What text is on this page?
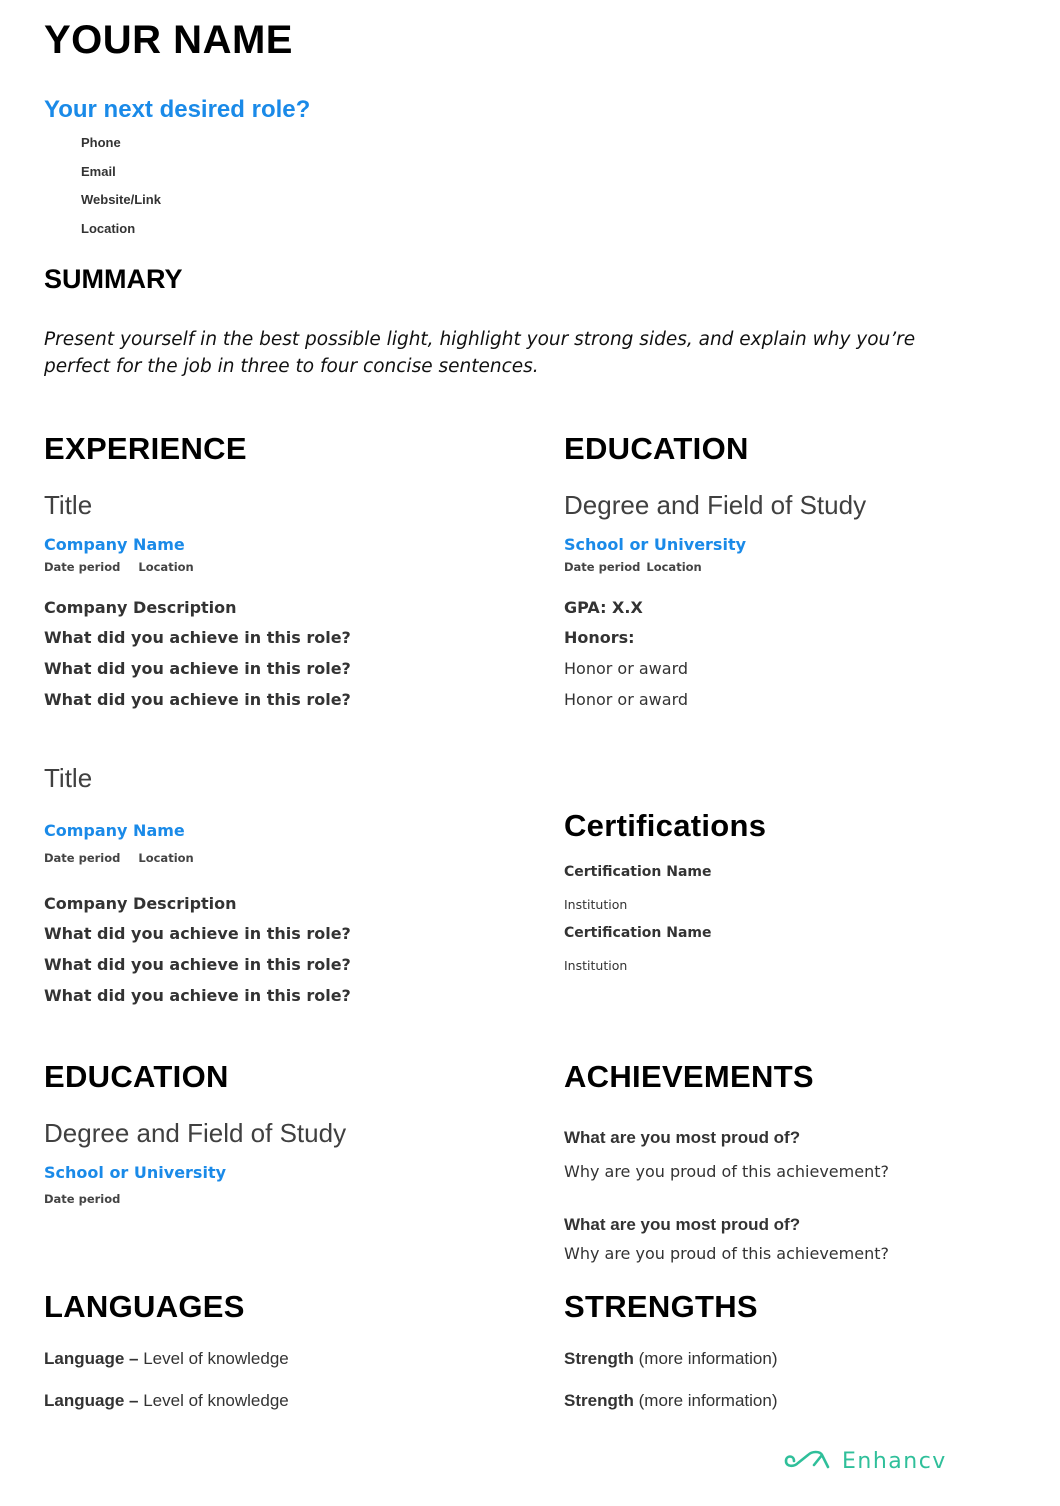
YOUR NAME
Your next desired role?
Phone
Email
Website/Link
Location
SUMMARY
Present yourself in the best possible light, highlight your strong sides, and explain why you’re perfect for the job in three to four concise sentences.
EXPERIENCE
Title
Company Name
Date period Location
Company Description
What did you achieve in this role?
What did you achieve in this role?
What did you achieve in this role?
Title
Company Name
Date period Location
Company Description
What did you achieve in this role?
What did you achieve in this role?
What did you achieve in this role?
EDUCATION
Degree and Field of Study
School or University
Date period Location
GPA: X.X
Honors:
Honor or award
Honor or award
Certifications
Certification Name
Institution
Certification Name
Institution
EDUCATION
Degree and Field of Study
School or University
Date period
ACHIEVEMENTS
What are you most proud of?
Why are you proud of this achievement?
What are you most proud of?
Why are you proud of this achievement?
LANGUAGES
Language – Level of knowledge
Language – Level of knowledge
STRENGTHS
Strength (more information)
Strength (more information)
Enhancv
